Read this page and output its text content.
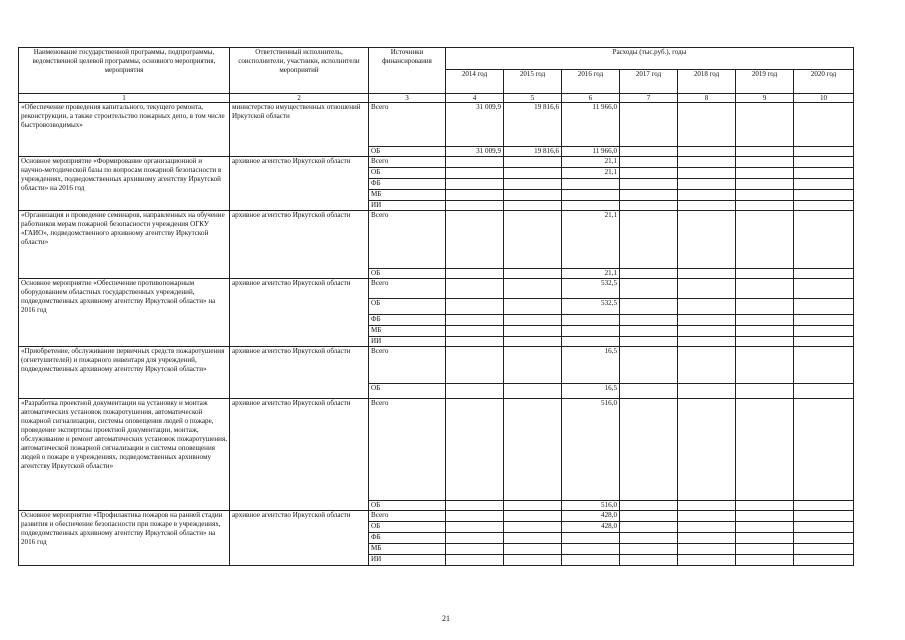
Наименование государственной программы, подпрограммы, ведомственной целевой программы, основного мероприятия, мероприятия	Ответственный исполнитель, соисполнители, участники, исполнители мероприятий	Источники финансирования	Расходы (тыс.руб.), годы						
			2014 год	2015 год	2016 год	2017 год	2018 год	2019 год	2020 год
1	2	3	4	5	6	7	8	9	10
«Обеспечение проведения капитального, текущего ремонта, реконструкции, а также строительство пожарных депо, в том числе быстровозводимых»	министерство имущественных отношений Иркутской области	Всего	31 009,9	19 816,6	11 966,0				
		ОБ	31 009,9	19 816,6	11 966,0				
Основное мероприятие «Формирование организационной и научно-методической базы по вопросам пожарной безопасности в учреждениях, подведомственных архивному агентству Иркутской области» на 2016 год	архивное агентство Иркутской области	Всего			21,1				
		ОБ			21,1				
		ФБ							
		МБ							
		ИИ							
«Организация и проведение семинаров, направленных на обучение работников мерам пожарной безопасности учреждения ОГКУ «ГАИО», подведомственного архивному агентству Иркутской области»	архивное агентство Иркутской области	Всего			21,1				
		ОБ			21,1				
Основное мероприятие «Обеспечение противопожарным оборудованием областных государственных учреждений, подведомственных архивному агентству Иркутской области» на 2016 год	архивное агентство Иркутской области	Всего			532,5				
		ОБ			532,5				
		ФБ							
		МБ							
		ИИ							
«Приобретение, обслуживание первичных средств пожаротушения (огнетушителей) и пожарного инвентаря для учреждений, подведомственных архивному агентству Иркутской области»	архивное агентство Иркутской области	Всего			16,5				
		ОБ			16,5				
«Разработка проектной документации на установку и монтаж автоматических установок пожаротушения, автоматической пожарной сигнализации, системы оповещения людей о пожаре, проведение экспертизы проектной документации, монтаж, обслуживание и ремонт автоматических установок пожаротушения, автоматической пожарной сигнализации и системы оповещения людей о пожаре в учреждениях, подведомственных архивному агентству Иркутской области»	архивное агентство Иркутской области	Всего			516,0				
		ОБ			516,0				
Основное мероприятие «Профилактика пожаров на ранней стадии развития и обеспечение безопасности при пожаре в учреждениях, подведомственных архивному агентству Иркутской области» на 2016 год	архивное агентство Иркутской области	Всего			428,0				
		ОБ			428,0				
		ФБ							
		МБ							
		ИИ							
21
